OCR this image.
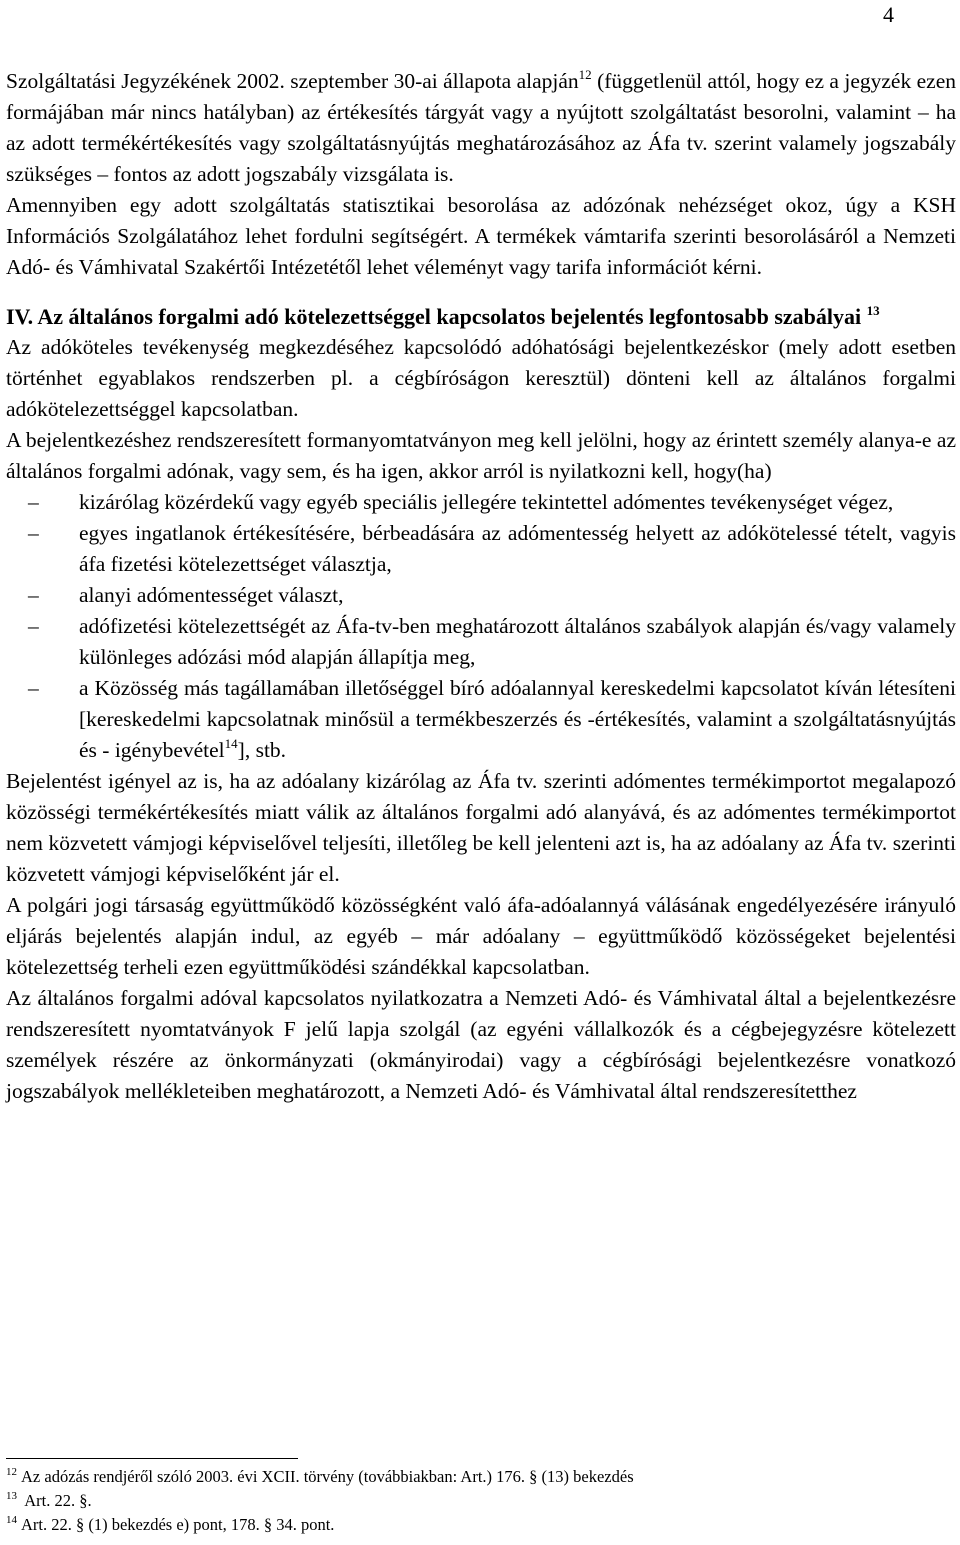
4

Szolgáltatási Jegyzékének 2002. szeptember 30-ai állapota alapján$^{12}$ (függetlenül attól, hogy ez a jegyzék ezen formájában már nincs hatályban) az értékesítés tárgyát vagy a nyújtott szolgáltatást besorolni, valamint – ha az adott termékértékesítés vagy szolgáltatásnyújtás meghatározásához az Áfa tv. szerint valamely jogszabály szükséges – fontos az adott jogszabály vizsgálata is.

Amennyiben egy adott szolgáltatás statisztikai besorolása az adózónak nehézséget okoz, úgy a KSH Információs Szolgálatához lehet fordulni segítségért. A termékek vámtarifa szerinti besorolásáról a Nemzeti Adó- és Vámhivatal Szakértői Intézetétől lehet véleményt vagy tarifa információt kérni.

IV. Az általános forgalmi adó kötelezettséggel kapcsolatos bejelentés legfontosabb szabályai $^{13}$

Az adóköteles tevékenység megkezdéséhez kapcsolódó adóhatósági bejelentkezéskor (mely adott esetben történhet egyablakos rendszerben pl. a cégbíróságon keresztül) dönteni kell az általános forgalmi adókötelezettséggel kapcsolatban.

A bejelentkezéshez rendszeresített formanyomtatványon meg kell jelölni, hogy az érintett személy alanya-e az általános forgalmi adónak, vagy sem, és ha igen, akkor arról is nyilatkozni kell, hogy(ha)

– kizárólag közérdekű vagy egyéb speciális jellegére tekintettel adómentes tevékenységet végez,
– egyes ingatlanok értékesítésére, bérbeadására az adómentesség helyett az adókötelessé tételt, vagyis áfa fizetési kötelezettséget választja,
– alanyi adómentességet választ,
– adófizetési kötelezettségét az Áfa-tv-ben meghatározott általános szabályok alapján és/vagy valamely különleges adózási mód alapján állapítja meg,
– a Közösség más tagállamában illetőséggel bíró adóalannyal kereskedelmi kapcsolatot kíván létesíteni [kereskedelmi kapcsolatnak minősül a termékbeszerzés és -értékesítés, valamint a szolgáltatásnyújtás és - igénybevétel$^{14}$], stb.

Bejelentést igényel az is, ha az adóalany kizárólag az Áfa tv. szerinti adómentes termékimportot megalapozó közösségi termékértékesítés miatt válik az általános forgalmi adó alanyává, és az adómentes termékimportot nem közvetett vámjogi képviselővel teljesíti, illetőleg be kell jelenteni azt is, ha az adóalany az Áfa tv. szerinti közvetett vámjogi képviselőként jár el.

A polgári jogi társaság együttműködő közösségként való áfa-adóalannyá válásának engedélyezésére irányuló eljárás bejelentés alapján indul, az egyéb – már adóalany – együttműködő közösségeket bejelentési kötelezettség terheli ezen együttműködési szándékkal kapcsolatban.

Az általános forgalmi adóval kapcsolatos nyilatkozatra a Nemzeti Adó- és Vámhivatal által a bejelentkezésre rendszeresített nyomtatványok F jelű lapja szolgál (az egyéni vállalkozók és a cégbejegyzésre kötelezett személyek részére az önkormányzati (okmányirodai) vagy a cégbírósági bejelentkezésre vonatkozó jogszabályok mellékleteiben meghatározott, a Nemzeti Adó- és Vámhivatal által rendszeresítetthez

$^{12}$ Az adózás rendjéről szóló 2003. évi XCII. törvény (továbbiakban: Art.) 176. § (13) bekezdés
$^{13}$ Art. 22. §.
$^{14}$ Art. 22. § (1) bekezdés e) pont, 178. § 34. pont.
